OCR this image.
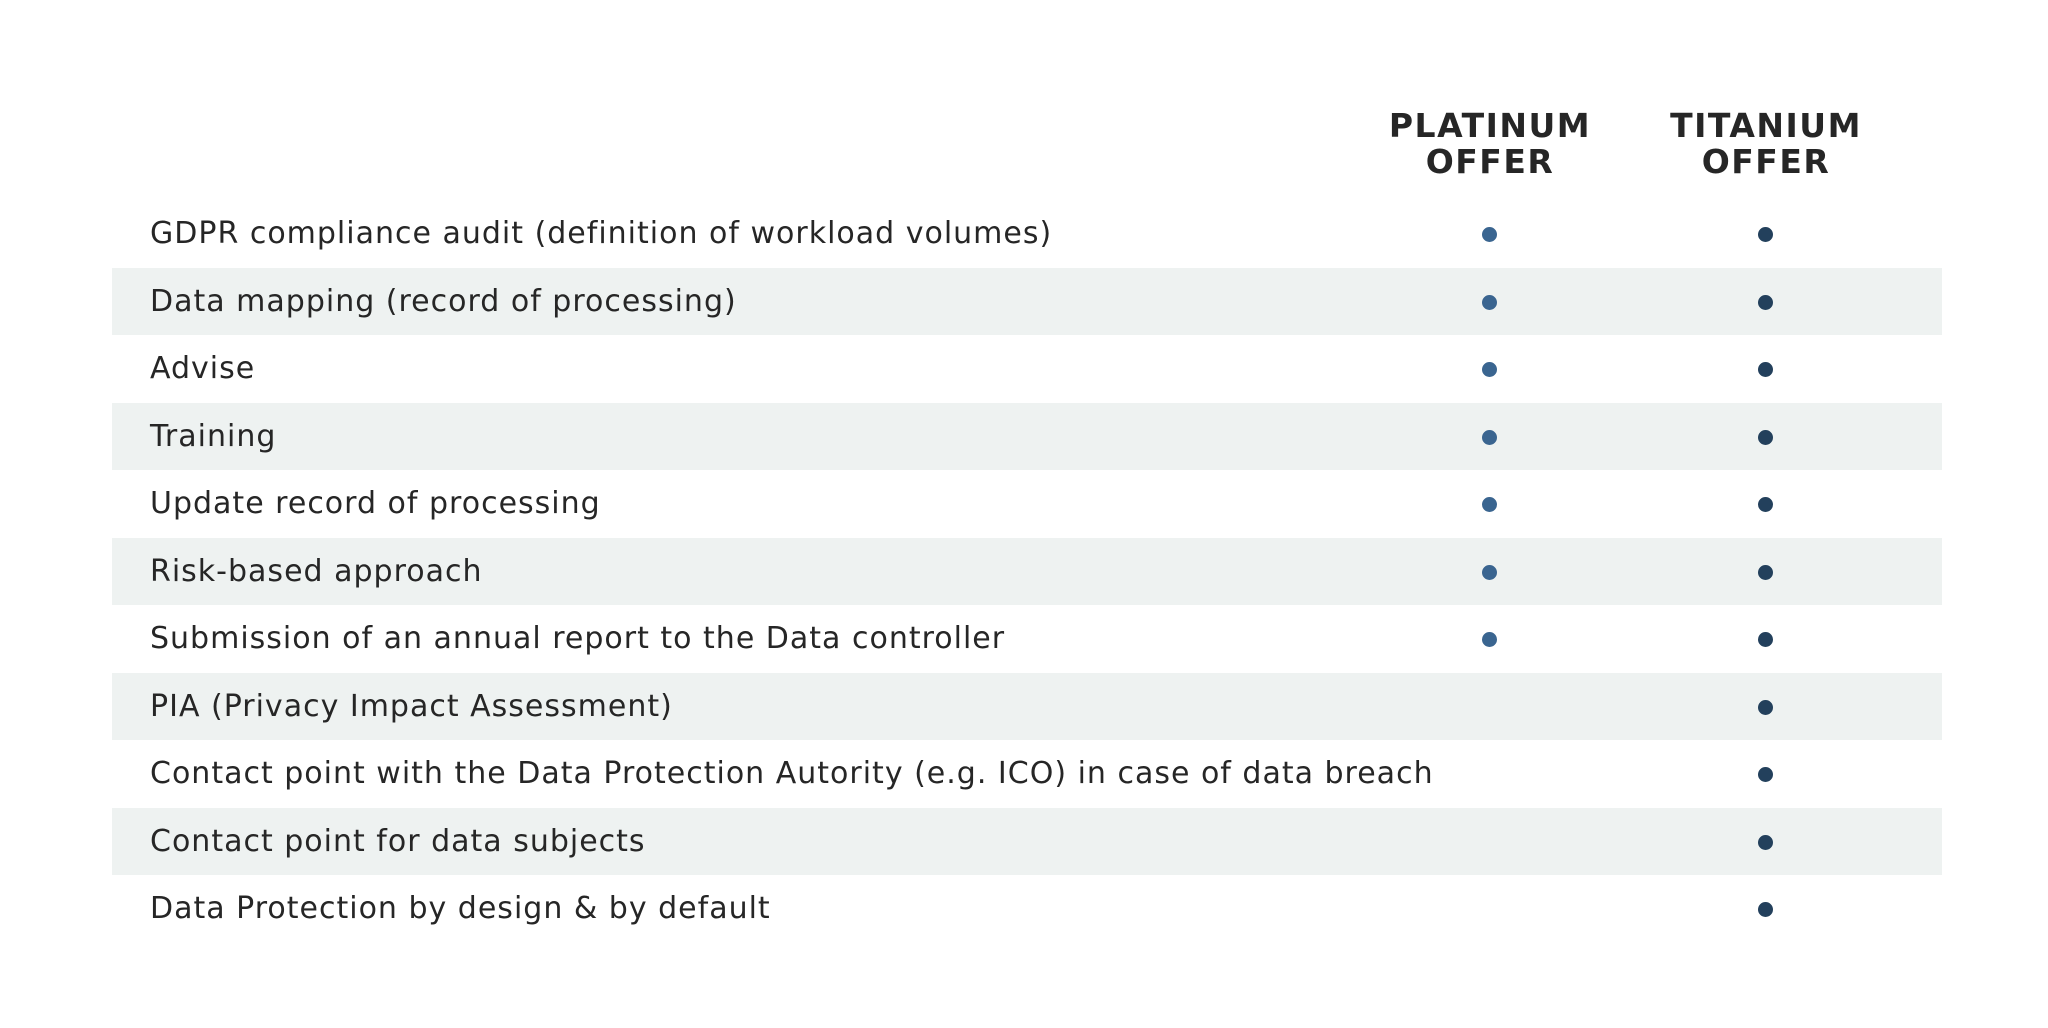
PLATINUM
OFFER
TITANIUM
OFFER
GDPR compliance audit (definition of workload volumes)
Data mapping (record of processing)
Advise
Training
Update record of processing
Risk-based approach
Submission of an annual report to the Data controller
PIA (Privacy Impact Assessment)
Contact point with the Data Protection Autority (e.g. ICO) in case of data breach
Contact point for data subjects
Data Protection by design & by default
